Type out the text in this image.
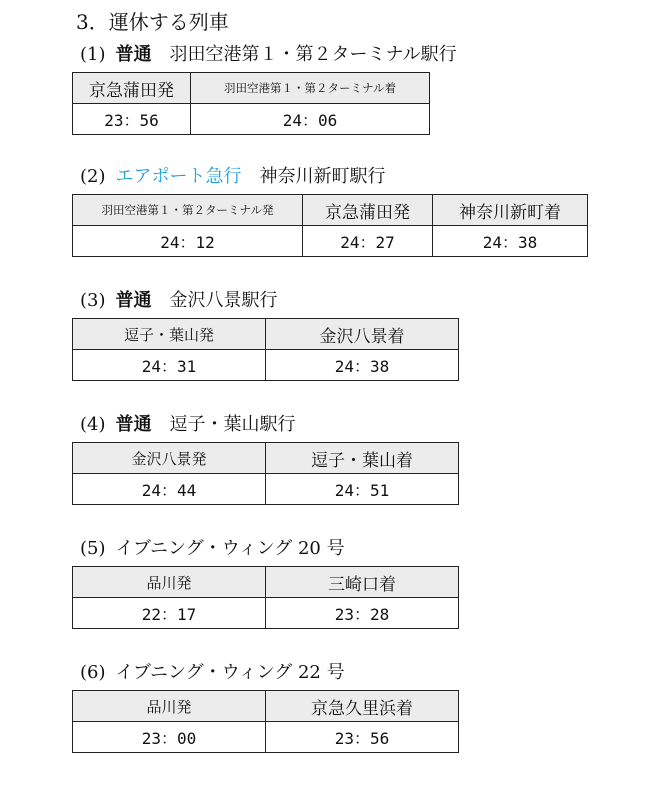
3．運休する列車
(1) 普通 羽田空港第１・第２ターミナル駅行
京急蒲田発	羽田空港第１・第２ターミナル着
23：56	24：06
(2) エアポート急行 神奈川新町駅行
羽田空港第１・第２ターミナル発	京急蒲田発	神奈川新町着
24：12	24：27	24：38
(3) 普通 金沢八景駅行
逗子・葉山発	金沢八景着
24：31	24：38
(4) 普通 逗子・葉山駅行
金沢八景発	逗子・葉山着
24：44	24：51
(5) イブニング・ウィング 20 号
品川発	三崎口着
22：17	23：28
(6) イブニング・ウィング 22 号
品川発	京急久里浜着
23：00	23：56
